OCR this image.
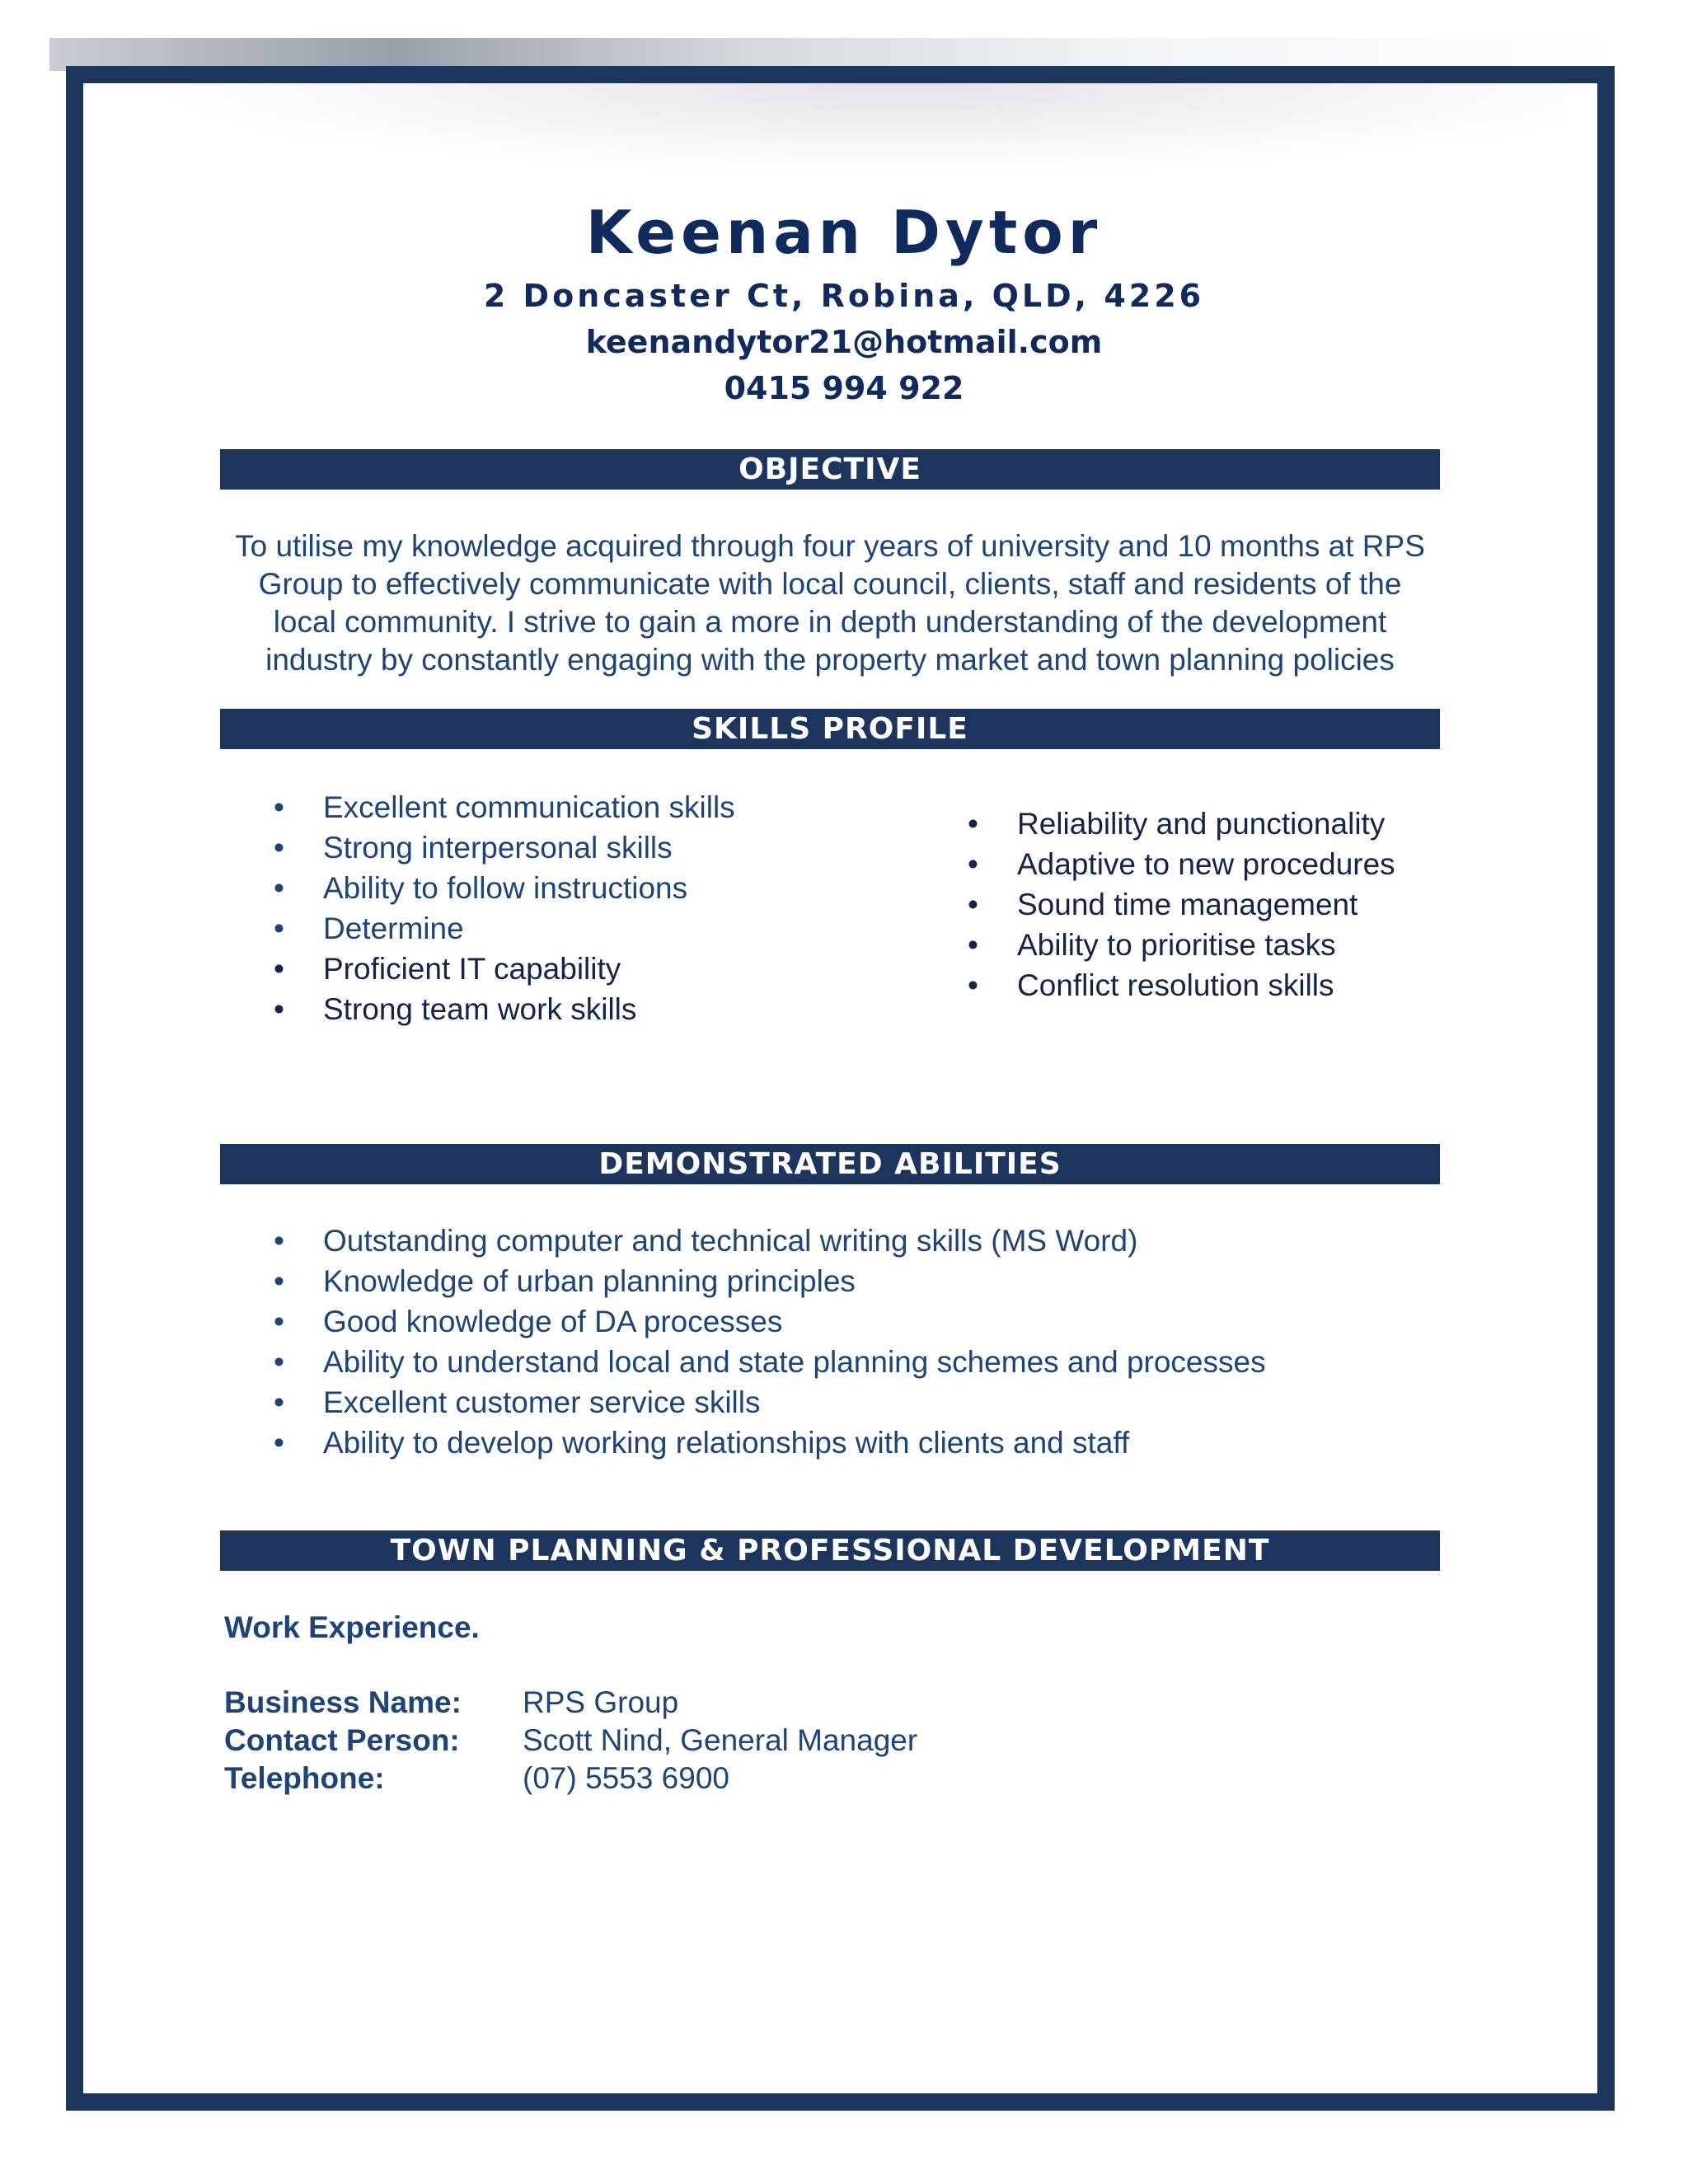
Keenan Dytor
2 Doncaster Ct, Robina, QLD, 4226
keenandytor21@hotmail.com
0415 994 922
OBJECTIVE
To utilise my knowledge acquired through four years of university and 10 months at RPS
Group to effectively communicate with local council, clients, staff and residents of the
local community. I strive to gain a more in depth understanding of the development
industry by constantly engaging with the property market and town planning policies
SKILLS PROFILE
• Excellent communication skills
• Strong interpersonal skills
• Ability to follow instructions
• Determine
• Proficient IT capability
• Strong team work skills
• Reliability and punctionality
• Adaptive to new procedures
• Sound time management
• Ability to prioritise tasks
• Conflict resolution skills
DEMONSTRATED ABILITIES
• Outstanding computer and technical writing skills (MS Word)
• Knowledge of urban planning principles
• Good knowledge of DA processes
• Ability to understand local and state planning schemes and processes
• Excellent customer service skills
• Ability to develop working relationships with clients and staff
TOWN PLANNING & PROFESSIONAL DEVELOPMENT
Work Experience.
Business Name:	RPS Group
Contact Person:	Scott Nind, General Manager
Telephone:	(07) 5553 6900
